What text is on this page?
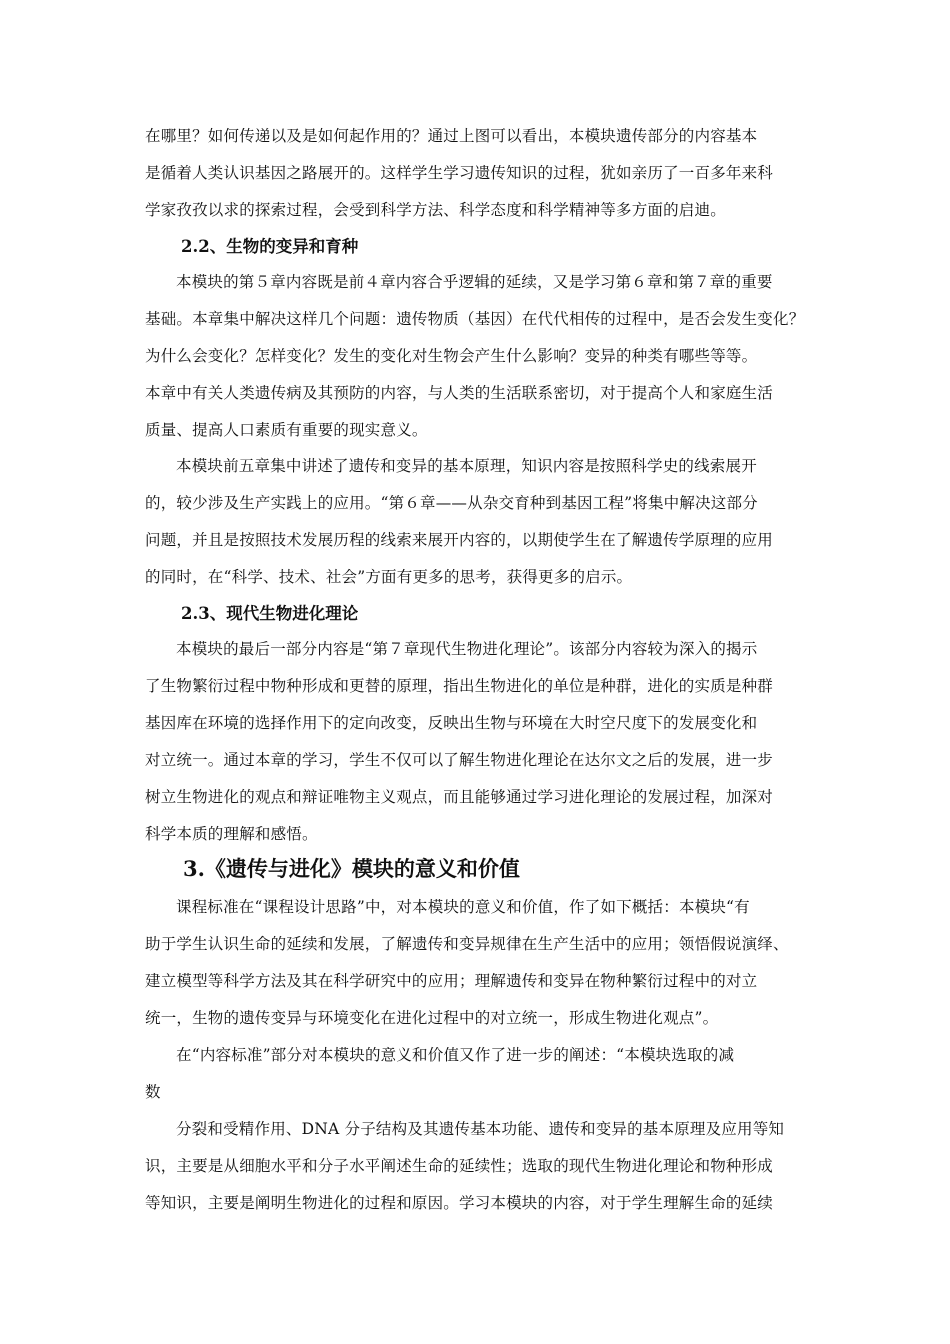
在哪里？如何传递以及是如何起作用的？通过上图可以看出，本模块遗传部分的内容基本
是循着人类认识基因之路展开的。这样学生学习遗传知识的过程，犹如亲历了一百多年来科
学家孜孜以求的探索过程，会受到科学方法、科学态度和科学精神等多方面的启迪。
2.2、生物的变异和育种
本模块的第５章内容既是前４章内容合乎逻辑的延续，又是学习第６章和第７章的重要
基础。本章集中解决这样几个问题：遗传物质（基因）在代代相传的过程中，是否会发生变化？
为什么会变化？怎样变化？发生的变化对生物会产生什么影响？变异的种类有哪些等等。
本章中有关人类遗传病及其预防的内容，与人类的生活联系密切，对于提高个人和家庭生活
质量、提高人口素质有重要的现实意义。
本模块前五章集中讲述了遗传和变异的基本原理，知识内容是按照科学史的线索展开
的，较少涉及生产实践上的应用。“第６章——从杂交育种到基因工程”将集中解决这部分
问题，并且是按照技术发展历程的线索来展开内容的，以期使学生在了解遗传学原理的应用
的同时，在“科学、技术、社会”方面有更多的思考，获得更多的启示。
2.3、现代生物进化理论
本模块的最后一部分内容是“第７章现代生物进化理论”。该部分内容较为深入的揭示
了生物繁衍过程中物种形成和更替的原理，指出生物进化的单位是种群，进化的实质是种群
基因库在环境的选择作用下的定向改变，反映出生物与环境在大时空尺度下的发展变化和
对立统一。通过本章的学习，学生不仅可以了解生物进化理论在达尔文之后的发展，进一步
树立生物进化的观点和辩证唯物主义观点，而且能够通过学习进化理论的发展过程，加深对
科学本质的理解和感悟。
3.《遗传与进化》模块的意义和价值
课程标准在“课程设计思路”中，对本模块的意义和价值，作了如下概括：本模块“有
助于学生认识生命的延续和发展，了解遗传和变异规律在生产生活中的应用；领悟假说演绎、
建立模型等科学方法及其在科学研究中的应用；理解遗传和变异在物种繁衍过程中的对立
统一，生物的遗传变异与环境变化在进化过程中的对立统一，形成生物进化观点”。
在“内容标准”部分对本模块的意义和价值又作了进一步的阐述：“本模块选取的减
数
分裂和受精作用、DNA 分子结构及其遗传基本功能、遗传和变异的基本原理及应用等知
识，主要是从细胞水平和分子水平阐述生命的延续性；选取的现代生物进化理论和物种形成
等知识，主要是阐明生物进化的过程和原因。学习本模块的内容，对于学生理解生命的延续
